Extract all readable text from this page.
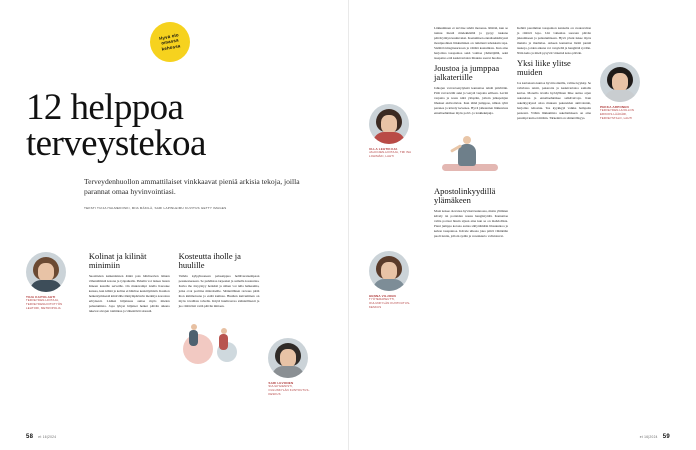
Hyvä olo omassa kehossa
12 helppoa
terveystekoa
Terveydenhuollon ammattilaiset vinkkaavat pieniä arkisia tekoja, joilla parannat omaa hyvinvointiasi.
TEKSTI TUIJA HALMEKOSKI, MIIA MÄKILÄ, SARI LAPINLEIMU KUVITUS GETTY IMAGES
TIIJA KAITOLAHTI
TERVEYDEN-HOITAJA, TERVEYDENHOITOTYÖN LEHTORI, METROPOLIA
Kolinat ja kilinät minimiin

Suosittelen kaikenlaisten ääniä pois häiritsevien äänien vähentämistä kotona ja työpaikalla. Puhelin voi laskea lasten ääneen kaasille serveille. On mukavampi istella Karaoke kanssa, kun kilinä ja kolina ei häiritse keskittymistä. Kauhon heikentymisestä kärsivälle ääniympäristön merkitys korostuu erityisesti. Lisäksi hiljaisuus auttaa myös mielen palautumista. Jopa lyhyet hiljaiset hetket päivän aikana tukevat aivojen toimintaa ja vähentävät stressiä.

Kosteutta iholle ja huulille

Vaihda kylpyhuoneen palasaippua hellävaraisempaan pesunesteeseen. Se puhdistaa tarpeeksi ja samalla kosteuttaa. Kuiva iho ärsyyntyy herkästi ja siihen voi tulla halkeamia, jotka ovat porttina mikrobeille. Säännöllinen rasvaus pitää ihon kimmoisana ja estää kutinaa. Huulien kuivuminen on myös tavallista talvella. Käytä huulirasvaa säännöllisesti ja juo riittävästi vettä päivän mittaan.

SARI LEVONEN
SUUHYGIENISTI, OULUNKYLÄN KUNTOUTUS-KESKUS
58 et 16|2024
ULLA LEHTIKUJA
JALKOJEN-HOITAJA, TMI INA LOHIMÄKI, LAHTI
HENNA VILJOEN
TYÖTERAPEUTTI, OULUNKYLÄN KUNTOUTUS-KESKUS

Liikkuminen ei tarvitse tehdä monessa. Riittää, kun se tuntuu hiestä mielekkäältä ja pysyy tuskana päivärytmyn kuuluvaksi. Kaatumisen ennaltaehkäisyssä monipuolinen liikkuminen on tutkitusti tehokkain tapa. Sisältöä imaginaariosan ja väitätä kaatumista. Kun aina harjoittaa tasapainoa sekä voimaa yhdistäjällä, sekä tasapaino ertä keskivartalon lihaksia saavat huoltaa.

Joustoa ja jumppaa jalkateriille

Jalkojen varvasvenytyksiä kannattaa tehdä päivittäin. Pidä varvasvälit auki ja venytä varpaita erilleen. Levitä varpaita ja nosta niitä ylöspäin, jolloin jalkapohjan lihakset aktivoituvat. Kun tämä jumppaa, nilkan ryhti paranee ja kävely kevenee. Hyvä jalkaterien liikkuvuus ennaltaehkäisee myös polvi- ja lonkkakipuja.

Apostolinkyydillä ylämäkeen

Mont kokee olevansa hyvässä kunnossa, mutta ylämäen kävely tai portaiden nousu hengästyttää. Kannattaa valita portaat hissin sijaan aina kun se on mahdollista. Pieni jumppa kotona auttaa säilyttämään lihaskuntoa ja kehon tasapainoa. Kävele ulkona joka päivä vähintään puoli tuntia, jolloin sydän ja verenkierto vahvistuvat.

Kehitä paremman tasapainon kannalta on ruokavalion ja riittävä lepo. Uni vaikuttaa suoraan päivän jaksamiseen ja palautumiseen. Hyvä yöuni tukee myös muistia ja mielialaa. Arkeen kannattaa lisätä pieniä taukoja, joiden aikana voi venytellä ja hengittää syvään. Näin keho ja mieli pysyvät virkeinä koko päivän.

Yksi liike ylitse muiden

Jos kartanasta kuntoa hyvinvoinnille, valitse kyykky. Se vahvistaa reisiä, pakaroita ja keskivartaloa samalla kertaa. Monella tavalla hyödyllinen liike auttaa arjen askareissa ja ennaltaehkäisee selkävaivoja. Kun askelkyykyssä ottaa mukaan pakareiden aktivoinnin, harjoitus tehostuu. Tee kyykkyjä vaikka hampaita pestessä. Vähän liikkumista askeltamiseen on aina parempi kuin ei mitään. Tärkeintä on säännöllisyys.

PEKKA ARPONEN
TERVEYDEN-HUOLLON ERIKOIS-LÄÄKÄRI, TERVEYSTALO, LAHTI
et 16|2024 59
